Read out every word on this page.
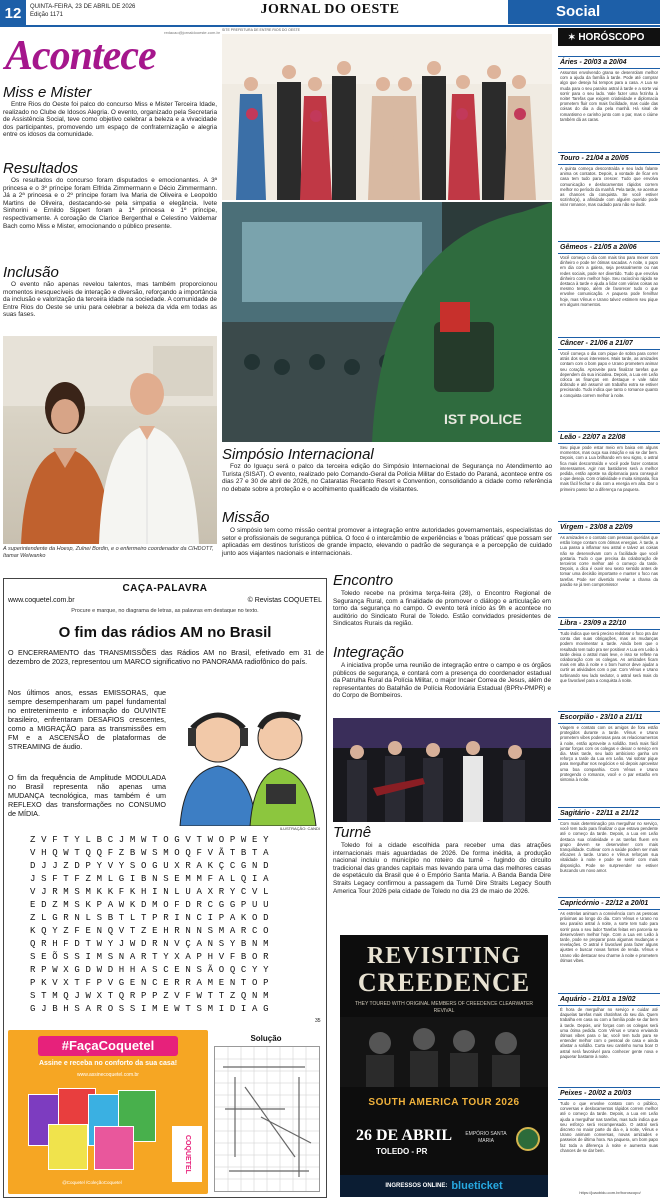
12	QUINTA-FEIRA, 23 DE ABRIL DE 2026
Edição 1171	JORNAL DO OESTE	Social
Acontece
redacao@jornaldooeste.com.br
Miss e Mister

Entre Rios do Oeste foi palco do concurso Miss e Mister Terceira Idade, realizado no Clube de Idosos Alegria. O evento, organizado pela Secretaria de Assistência Social, teve como objetivo celebrar a beleza e a vivacidade dos participantes, promovendo um espaço de confraternização e alegria entre os idosos da comunidade.

Resultados

Os resultados do concurso foram disputados e emocionantes. A 3ª princesa e o 3º príncipe foram Elfrida Zimmermann e Décio Zimmermann. Já a 2ª princesa e o 2º príncipe foram Iva Maria de Oliveira e Leopoldo Martins de Oliveira, destacando-se pela simpatia e elegância. Ivete Sinhorini e Ernildo Sippert foram a 1ª princesa e 1º príncipe, respectivamente. A coroação de Clarice Bergenthal e Celestino Valdemar Bach como Miss e Mister, emocionando o público presente.

Inclusão

O evento não apenas revelou talentos, mas também proporcionou momentos inesquecíveis de interação e diversão, reforçando a importância da inclusão e valorização da terceira idade na sociedade. A comunidade de Entre Rios do Oeste se uniu para celebrar a beleza da vida em todas as suas fases.

A superintendente da Hoesp, Zulnei Bordin, e o enfermeiro coordenador da CIHDOTT, Itamar Welwanko

SITE PREFEITURA DE ENTRE RIOS DO OESTE
IST POLICE
Simpósio Internacional

Foz do Iguaçu será o palco da terceira edição do Simpósio Internacional de Segurança no Atendimento ao Turista (SISAT). O evento, realizado pelo Comando-Geral da Polícia Militar do Estado do Paraná, acontece entre os dias 27 e 30 de abril de 2026, no Cataratas Recanto Resort e Convention, consolidando a cidade como referência no debate sobre a proteção e o acolhimento qualificado de visitantes.

Missão

O simpósio tem como missão central promover a integração entre autoridades governamentais, especialistas do setor e profissionais de segurança pública. O foco é o intercâmbio de experiências e 'boas práticas' que possam ser aplicadas em destinos turísticos de grande impacto, elevando o padrão de segurança e a percepção de cuidado junto aos viajantes nacionais e internacionais.

Encontro

Toledo recebe na próxima terça-feira (28), o Encontro Regional de Segurança Rural, com a finalidade de promover o diálogo e articulação em torno da segurança no campo. O evento terá início às 9h e acontece no auditório do Sindicato Rural de Toledo. Estão convidados presidentes de Sindicatos Rurais da região.

Integração

A iniciativa propõe uma reunião de integração entre o campo e os órgãos públicos de segurança, e contará com a presença do coordenador estadual da Patrulha Rural da Polícia Militar, o major Incaer Correa de Jesus, além de representantes do Batalhão de Polícia Rodoviária Estadual (BPRv-PMPR) e do Corpo de Bombeiros.

Turnê

Toledo foi a cidade escolhida para receber uma das atrações internacionais mais aguardadas de 2026. De forma inédita, a produção nacional incluiu o município no roteiro da turnê - fugindo do circuito tradicional das grandes capitais mas levando para uma das melhores casas de espetáculo da Brasil que é o Empório Santa Maria. A Banda Banda Dire Straits Legacy confirmou a passagem da Turnê Dire Straits Legacy South America Tour 2026 pela cidade de Toledo no dia 23 de maio de 2026.

REVISITING
CREEDENCE
THEY TOURED WITH ORIGINAL MEMBERS OF CREEDENCE CLEARWATER REVIVAL
SOUTH AMERICA TOUR 2026
26 DE ABRIL
TOLEDO - PR
EMPÓRIO SANTA MARIA
INGRESSOS ONLINE: blueticket
✶ HORÓSCOPO
Áries - 20/03 a 20/04
Assuntos envolvendo grana se desenrolam melhor com a ajuda da família à tarde. Pode até comprar algo que deseja há tempos para a casa. A Lua se muda para o seu paraíso astral à tarde e a sorte vai sorrir para o seu lado. Vale fazer uma fezinha à noite! Tarefas que exigem criatividade e diplomacia prometem fluir com mais facilidade, mas cuide das coisas do dia a dia pela manhã. Há sinal de romantismo e carinho junto com o par, mas o ciúme também dá as caras.
Touro - 21/04 a 20/05
A quinta começa descontraída e seu lado falante anima os contatos. Depois, a vontade de ficar em casa tem tudo para crescer. Tudo que envolva comunicação e deslocamentos rápidos correm melhor no período da manhã. Pela tarde, se acentue as chances da conquista. Se você estiver sozinho(a), a afinidade com alguém querido pode virar romance, mas cuidado para não se iludir.
Gêmeos - 21/05 a 20/06
Você começa o dia com mais tino para mexer com dinheiro e pode ter ótimas sacadas. A noite, o papo em dia com a galera, seja pessoalmente ou nas redes sociais, pode ser divertido. Tudo que envolva dinheiro corre melhor hoje. Seu raciocínio rápido se destaca à tarde e ajuda a lidar com várias coisas ao mesmo tempo, além de favorecer tudo o que envolve comunicação. A paquera pode fervilhar hoje, mas Vênus e Urano talvez estimem seu pique em alguns momentos.
Câncer - 21/06 a 21/07
Você começa o dia com pique de sobra para correr atrás dos seus interesses. Mais tarde, as amizades contam com o bom papo e Urano prometem animar seu coração. Aproveite para finalizar tarefas que dependem da sua iniciativa. Depois, a Lua em Leão coloca as finanças em destaque e vale ralar dobrado e até assumir um trabalho extra se estiver precisando. Tudo indica que tanto o romance quanto a conquista correm melhor à noite.
Leão - 22/07 a 22/08
Seu pique pode estar meio em baixa em alguns momentos, mas ouça sua intuição e vai se dar bem. Depois, com a Lua brilhando em seu signo, o astral fica mais descontraído e você pode fazer contatos interessantes. Agir nos bastidores será a melhor pedida, então aposte na diplomacia para conseguir o que deseja. Com criatividade e muita simpatia, fica mais fácil fechar o dia com a energia em alta. Dar o primeiro passo faz a diferença na paquera.
Virgem - 23/08 a 22/09
As amizades e o contato com pessoas queridas que estão longe contam com ótimas energias. À tarde, a Lua passa a inflamar seu astral e talvez as coisas não se desenvolvam com a facilidade que você gostaria. Tudo o que precisa da colaboração de terceiros corre melhor até o começo da tarde. Depois, a dica é ouvir seu sexto sentido antes de tomar uma decisão importante e manter o foco nas tarefas. Pode ser divertido revelar a chama da paixão se já tem compromisso!
Libra - 23/09 a 22/10
Tudo indica que será preciso redobrar o foco pra dar conta das suas obrigações, mas as mudanças podem movimentar a tarde. Ainda bem que o resultado tem tudo pra ser positivo! A Lua em Leão à tarde deixa o astral mais leve, e isso se reflete na colaboração com os colegas. As amizades ficam mais em alta à noite e o bom humor deve ajudar a curtir as atividades com o par. Com Vênus e Urano turbinando seu lado sedutor, o astral será mais do que favorável para a conquista à noite.
Escorpião - 23/10 a 21/11
Viagem e contato com os amigos de fora estão protegidos durante a tarde. Vênus e Urano prometem vibes poderosas para os relacionamentos à noite, então aproveite a solidão. Será mais fácil juntar forças com os colegas e deixar o serviço em dia. Mais tarde, seu lado ambicioso ganha um reforço a tarde da Lua em Leão. Vai sobrar pique para mergulhar nos negócios e só depois aproveitar uma boa companhia. Com Vênus e Urano protegendo o romance, você e o par estarão em sintonia à noite.
Sagitário - 22/11 a 21/12
Com mais determinação pra mergulhar no serviço, você tem tudo para finalizar o que estava pendente até o começo da tarde. Depois, a Lua em Leão destaca sua criatividade e as tarefas fluem em grupo devem se desenvolver com mais tranquilidade. Cultivar com a saúde podem ser mais eficazes à tarde. Urano e Vênus reforçam sua vitalidade à noite e pode se sentir com mais disposição. Pode se surpreender se estiver buscando um novo amor.
Capricórnio - 22/12 a 20/01
As estrelas animam a convivência com as pessoas próximas ao longo do dia. Com Vênus e Urano no seu paraíso astral à noite, a sorte tem tudo para sorrir para o seu lado! Tarefas feitas em parceria se desenvolvem melhor hoje. Com a Lua em Leão à tarde, pode se preparar para algumas mudanças e revelações. O astral é favorável para fazer alguns ajustes e buscar novas fontes de renda. Vênus e Urano vão destacar seu charme à noite e prometem ótimas vibes.
Aquário - 21/01 a 19/02
É hora de mergulhar no serviço e cuidar até daquelas tarefas mais chatinhas do seu dia. Quem trabalha em casa ou com a família pode se dar bem à tarde. Depois, unir forças com os colegas será uma ótima pedida. Com Vênus e Urano enviando ótimas vibes para o lar, você tem tudo para se entender melhor com o pessoal de casa e ainda afastar a solidão. Curta seu cantinho numa boa! O astral será favorável para conhecer gente nova e paquerar bastante à noite.
Peixes - 20/02 a 20/03
Tudo o que envolve contato com o público, conversas e deslocamentos rápidos correm melhor até o começo da tarde. Depois, a Lua em Leão ajuda a mergulhar nas tarefas, mas tudo indica que seu esforço será recompensado. O astral será discreto no maior parte do dia e, à noite, Vênus e Urano animam conversas, novas amizades e passeios de última hora. Na paquera, um bom papo faz toda a diferença à noite e aumenta suas chances de se dar bem.
https://joaobidu.com.br/horoscopo/
CAÇA-PALAVRA
www.coquetel.com.br	© Revistas COQUETEL
Procure e marque, no diagrama de letras, as palavras em destaque no texto.
O fim das rádios AM no Brasil

O ENCERRAMENTO das TRANSMISSÕES das Rádios AM no Brasil, efetivado em 31 de dezembro de 2023, representou um MARCO significativo no PANORAMA radiofônico do país.

Nos últimos anos, essas EMISSORAS, que sempre desempenharam um papel fundamental no entretenimento e informação do OUVINTE brasileiro, enfrentaram DESAFIOS crescentes, como a MIGRAÇÃO para as transmissões em FM e a ASCENSÃO de plataformas de STREAMING de áudio.

O fim da frequência de Amplitude MODULADA no Brasil representa não apenas uma MUDANÇA tecnológica, mas também é um REFLEXO das transformações no CONSUMO de MÍDIA.

ILUSTRAÇÃO: CANDI
ZVFTYLBCJMWTOGVTWOPWEY
VHQWTQQFZBWSMOQFVÃTBTA
DJJZDPYVYSOGUXRAKÇCGND
JSFTFZMLGIBNSEMMFALQIA
VJRMSMKKFKHINLUAXRYCVL
EDZMSKPAWKDMOFDRCGGPUU
ZLGRNLSBTLTPRINCIPAKOD
KQYZFENQVTZEHRNNSMARCO
QRHFDTWYJWDRNVÇANSYBNM
SEÕSSIMSNARTYXAPHVFBOR
RPWXGDWDHHASCENSÃOQCYY
PKVXTFPVGENCERRAMENTOP
STMQJWXTQRPPZVFWTTZQNM
GJBHSAROSSIMEWTSMIDIAG
35
#FaçaCoquetel
Assine e receba no conforto da sua casa!
www.assinecoquetel.com.br
COQUETEL
@Coquetel /ColeçãoCoquetel
Solução
